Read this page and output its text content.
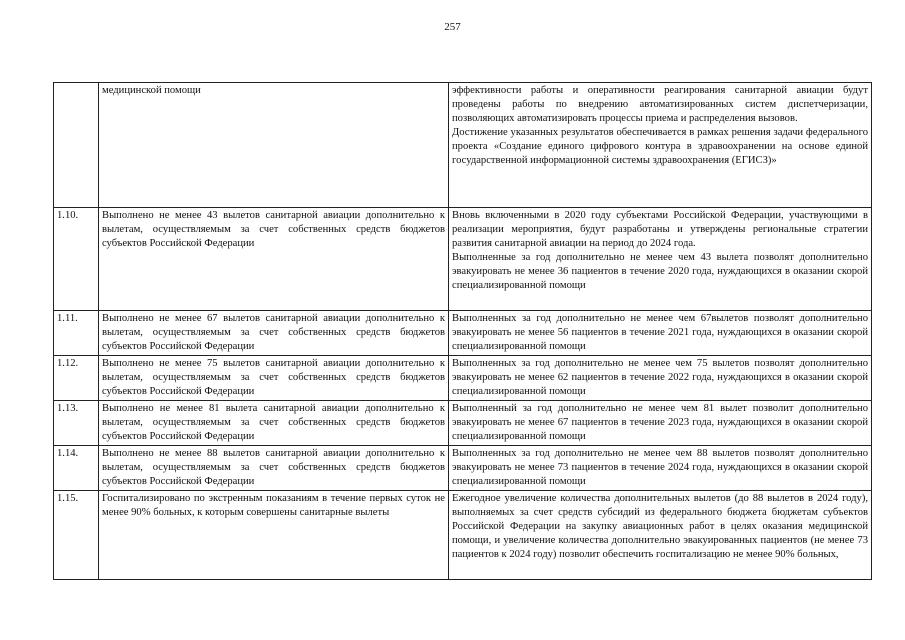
257

	медицинской помощи	эффективности работы и оперативности реагирования санитарной авиации будут проведены работы по внедрению автоматизированных систем диспетчеризации, позволяющих автоматизировать процессы приема и распределения вызовов.
Достижение указанных результатов обеспечивается в рамках решения задачи федерального проекта «Создание единого цифрового контура в здравоохранении на основе единой государственной информационной системы здравоохранения (ЕГИСЗ)»

1.10.	Выполнено не менее 43 вылетов санитарной авиации дополнительно к вылетам, осуществляемым за счет собственных средств бюджетов субъектов Российской Федерации	Вновь включенными в 2020 году субъектами Российской Федерации, участвующими в реализации мероприятия, будут разработаны и утверждены региональные стратегии развития санитарной авиации на период до 2024 года.
Выполненные за год дополнительно не менее чем 43 вылета позволят дополнительно эвакуировать не менее 36 пациентов в течение 2020 года, нуждающихся в оказании скорой специализированной помощи

1.11.	Выполнено не менее 67 вылетов санитарной авиации дополнительно к вылетам, осуществляемым за счет собственных средств бюджетов субъектов Российской Федерации	Выполненных за год дополнительно не менее чем 67вылетов позволят дополнительно эвакуировать не менее 56 пациентов в течение 2021 года, нуждающихся в оказании скорой специализированной помощи

1.12.	Выполнено не менее 75 вылетов санитарной авиации дополнительно к вылетам, осуществляемым за счет собственных средств бюджетов субъектов Российской Федерации	Выполненных за год дополнительно не менее чем 75 вылетов позволят дополнительно эвакуировать не менее 62 пациентов в течение 2022 года, нуждающихся в оказании скорой специализированной помощи

1.13.	Выполнено не менее 81 вылета санитарной авиации дополнительно к вылетам, осуществляемым за счет собственных средств бюджетов субъектов Российской Федерации	Выполненный за год дополнительно не менее чем 81 вылет позволит дополнительно эвакуировать не менее 67 пациентов в течение 2023 года, нуждающихся в оказании скорой специализированной помощи

1.14.	Выполнено не менее 88 вылетов санитарной авиации дополнительно к вылетам, осуществляемым за счет собственных средств бюджетов субъектов Российской Федерации	Выполненных за год дополнительно не менее чем 88 вылетов позволят дополнительно эвакуировать не менее 73 пациентов в течение 2024 года, нуждающихся в оказании скорой специализированной помощи

1.15.	Госпитализировано по экстренным показаниям в течение первых суток не менее 90% больных, к которым совершены санитарные вылеты	Ежегодное увеличение количества дополнительных вылетов (до 88 вылетов в 2024 году), выполняемых за счет средств субсидий из федерального бюджета бюджетам субъектов Российской Федерации на закупку авиационных работ в целях оказания медицинской помощи, и увеличение количества дополнительно эвакуированных пациентов (не менее 73 пациентов к 2024 году) позволит обеспечить госпитализацию не менее 90% больных,
